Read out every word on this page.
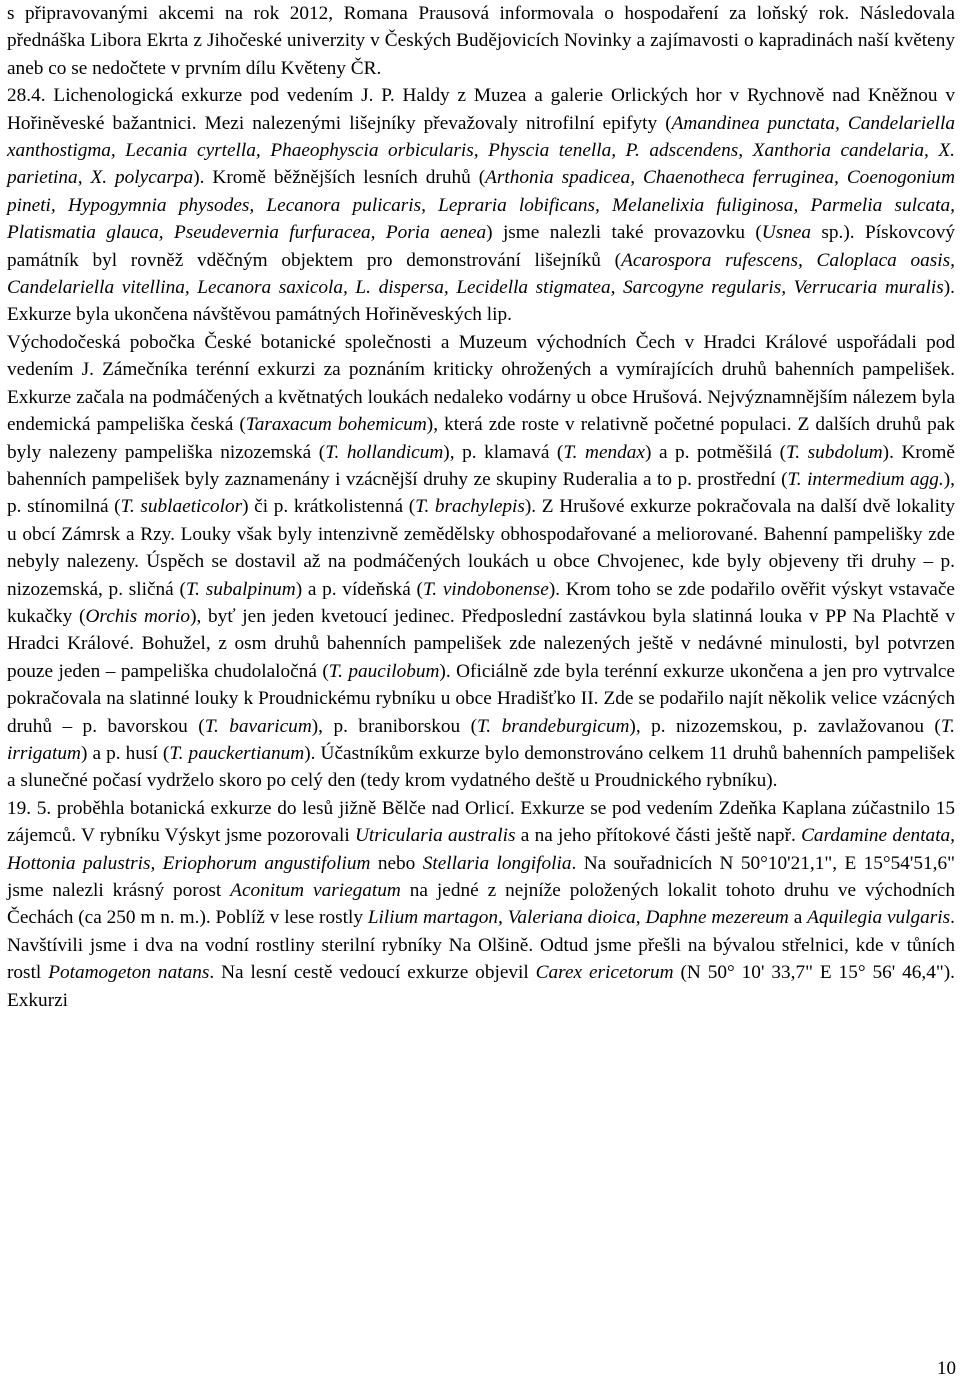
s připravovanými akcemi na rok 2012, Romana Prausová informovala o hospodaření za loňský rok. Následovala přednáška Libora Ekrta z Jihočeské univerzity v Českých Budějovicích Novinky a zajímavosti o kapradinách naší květeny aneb co se nedočtete v prvním dílu Květeny ČR.

28.4. Lichenologická exkurze pod vedením J. P. Haldy z Muzea a galerie Orlických hor v Rychnově nad Kněžnou v Hořiněveské bažantnici. Mezi nalezenými lišejníky převažovaly nitrofilní epifyty (Amandinea punctata, Candelariella xanthostigma, Lecania cyrtella, Phaeophyscia orbicularis, Physcia tenella, P. adscendens, Xanthoria candelaria, X. parietina, X. polycarpa). Kromě běžnějších lesních druhů (Arthonia spadicea, Chaenotheca ferruginea, Coenogonium pineti, Hypogymnia physodes, Lecanora pulicaris, Lepraria lobificans, Melanelixia fuliginosa, Parmelia sulcata, Platismatia glauca, Pseudevernia furfuracea, Poria aenea) jsme nalezli také provazovku (Usnea sp.). Pískovcový památník byl rovněž vděčným objektem pro demonstrování lišejníků (Acarospora rufescens, Caloplaca oasis, Candelariella vitellina, Lecanora saxicola, L. dispersa, Lecidella stigmatea, Sarcogyne regularis, Verrucaria muralis). Exkurze byla ukončena návštěvou památných Hořiněveských lip.

Východočeská pobočka České botanické společnosti a Muzeum východních Čech v Hradci Králové uspořádali pod vedením J. Zámečníka terénní exkurzi za poznáním kriticky ohrožených a vymírajících druhů bahenních pampelišek. Exkurze začala na podmáčených a květnatých loukách nedaleko vodárny u obce Hrušová. Nejvýznamnějším nálezem byla endemická pampeliška česká (Taraxacum bohemicum), která zde roste v relativně početné populaci. Z dalších druhů pak byly nalezeny pampeliška nizozemská (T. hollandicum), p. klamavá (T. mendax) a p. potměšilá (T. subdolum). Kromě bahenních pampelišek byly zaznamenány i vzácnější druhy ze skupiny Ruderalia a to p. prostřední (T. intermedium agg.), p. stínomilná (T. sublaeticolor) či p. krátkolistenná (T. brachylepis). Z Hrušové exkurze pokračovala na další dvě lokality u obcí Zámrsk a Rzy. Louky však byly intenzivně zemědělsky obhospodařované a meliorované. Bahenní pampelišky zde nebyly nalezeny. Úspěch se dostavil až na podmáčených loukách u obce Chvojenec, kde byly objeveny tři druhy – p. nizozemská, p. sličná (T. subalpinum) a p. vídeňská (T. vindobonense). Krom toho se zde podařilo ověřit výskyt vstavače kukačky (Orchis morio), byť jen jeden kvetoucí jedinec. Předposlední zastávkou byla slatinná louka v PP Na Plachtě v Hradci Králové. Bohužel, z osm druhů bahenních pampelišek zde nalezených ještě v nedávné minulosti, byl potvrzen pouze jeden – pampeliška chudolaločná (T. paucilobum). Oficiálně zde byla terénní exkurze ukončena a jen pro vytrvalce pokračovala na slatinné louky k Proudnickému rybníku u obce Hradišťko II. Zde se podařilo najít několik velice vzácných druhů – p. bavorskou (T. bavaricum), p. braniborskou (T. brandeburgicum), p. nizozemskou, p. zavlažovanou (T. irrigatum) a p. husí (T. pauckertianum). Účastníkům exkurze bylo demonstrováno celkem 11 druhů bahenních pampelišek a slunečné počasí vydrželo skoro po celý den (tedy krom vydatného deště u Proudnického rybníku).

19. 5. proběhla botanická exkurze do lesů jižně Bělče nad Orlicí. Exkurze se pod vedením Zdeňka Kaplana zúčastnilo 15 zájemců. V rybníku Výskyt jsme pozorovali Utricularia australis a na jeho přítokové části ještě např. Cardamine dentata, Hottonia palustris, Eriophorum angustifolium nebo Stellaria longifolia. Na souřadnicích N 50°10'21,1", E 15°54'51,6" jsme nalezli krásný porost Aconitum variegatum na jedné z nejníže položených lokalit tohoto druhu ve východních Čechách (ca 250 m n. m.). Poblíž v lese rostly Lilium martagon, Valeriana dioica, Daphne mezereum a Aquilegia vulgaris. Navštívili jsme i dva na vodní rostliny sterilní rybníky Na Olšině. Odtud jsme přešli na bývalou střelnici, kde v tůních rostl Potamogeton natans. Na lesní cestě vedoucí exkurze objevil Carex ericetorum (N 50° 10' 33,7" E 15° 56' 46,4"). Exkurzi

10
